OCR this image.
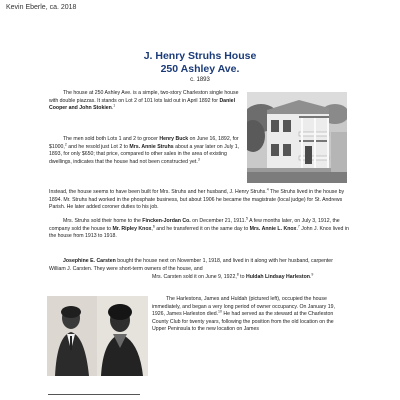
Kevin Eberle, ca. 2018
J. Henry Struhs House
250 Ashley Ave.
c. 1893
The house at 250 Ashley Ave. is a simple, two-story Charleston single house with double piazzas. It stands on Lot 2 of 101 lots laid out in April 1892 for Daniel Cooper and John Stokien.$^1$
The men sold both Lots 1 and 2 to grocer Henry Buck on June 16, 1892, for $1000,$^2$ and he resold just Lot 2 to Mrs. Annie Struhs about a year later on July 1, 1893, for only $650; that price, compared to other sales in the area of existing dwellings, indicates that the house had not been constructed yet.$^3$
Instead, the house seems to have been built for Mrs. Struhs and her husband, J. Henry Struhs.$^4$ The Struhs lived in the house by 1894. Mr. Struhs had worked in the phosphate business, but about 1906 he became the magistrate (local judge) for St. Andrews Parish. He later added coroner duties to his job.
Mrs. Struhs sold their home to the Fincken-Jordan Co. on December 21, 1911.$^5$ A few months later, on July 3, 1912, the company sold the house to Mr. Ripley Knox,$^6$ and he transferred it on the same day to Mrs. Annie L. Knox.$^7$ John J. Knox lived in the house from 1913 to 1918.
Josephine E. Carsten bought the house next on November 1, 1918, and lived in it along with her husband, carpenter William J. Carsten. They were short-term owners of the house, and
Mrs. Carsten sold it on June 9, 1922,$^8$ to Huldah Lindsay Harleston.$^9$
The Harlestons, James and Huldah (pictured left), occupied the house immediately, and began a very long period of owner occupancy. On January 19, 1926, James Harleston died.$^{10}$ He had served as the steward at the Charleston County Club for twenty years, following the position from the old location on the Upper Peninsula to the new location on James
